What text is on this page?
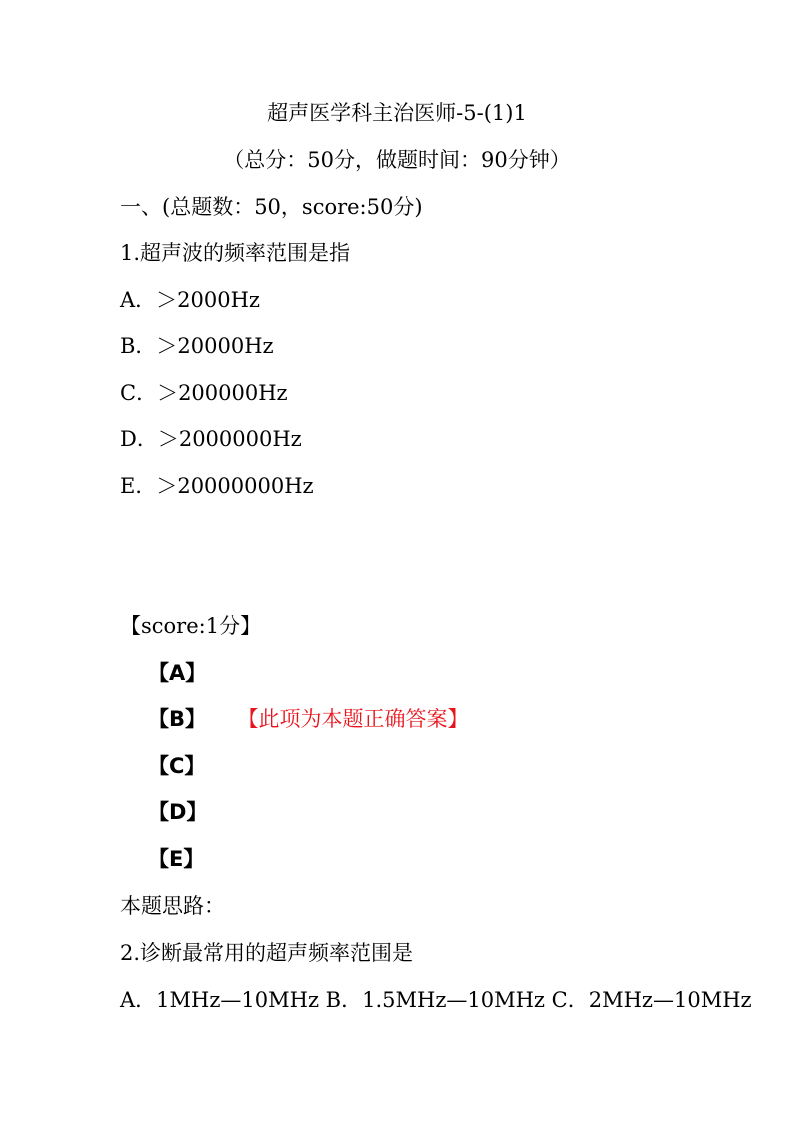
超声医学科主治医师-5-(1)1
（总分：50分，做题时间：90分钟）
一、(总题数：50，score:50分)
1.超声波的频率范围是指
A．＞2000Hz
B．＞20000Hz
C．＞200000Hz
D．＞2000000Hz
E．＞20000000Hz
【score:1分】
【A】
【B】 【此项为本题正确答案】
【C】
【D】
【E】
本题思路：
2.诊断最常用的超声频率范围是
A．1MHz—10MHz B．1.5MHz—10MHz C．2MHz—10MHz
